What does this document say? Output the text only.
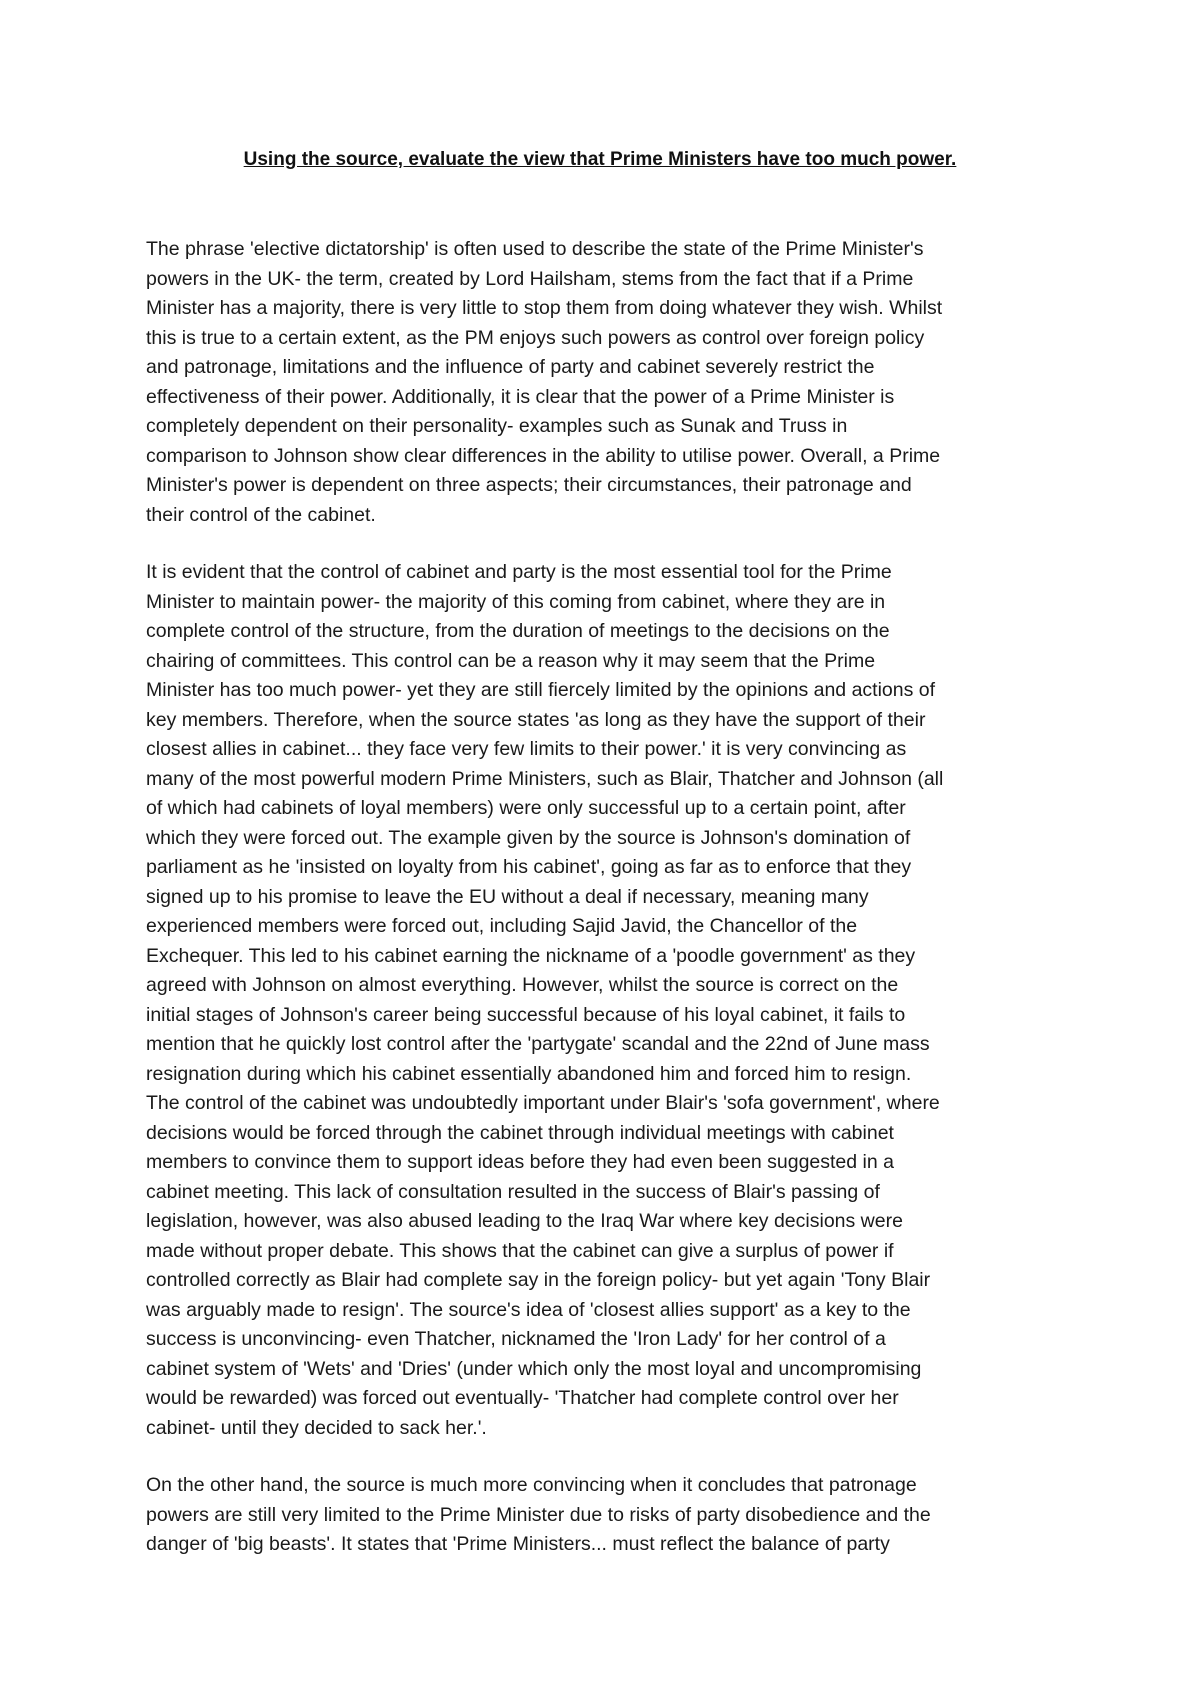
Using the source, evaluate the view that Prime Ministers have too much power.

The phrase 'elective dictatorship' is often used to describe the state of the Prime Minister's
powers in the UK- the term, created by Lord Hailsham, stems from the fact that if a Prime
Minister has a majority, there is very little to stop them from doing whatever they wish. Whilst
this is true to a certain extent, as the PM enjoys such powers as control over foreign policy
and patronage, limitations and the influence of party and cabinet severely restrict the
effectiveness of their power. Additionally, it is clear that the power of a Prime Minister is
completely dependent on their personality- examples such as Sunak and Truss in
comparison to Johnson show clear differences in the ability to utilise power. Overall, a Prime
Minister's power is dependent on three aspects; their circumstances, their patronage and
their control of the cabinet.

It is evident that the control of cabinet and party is the most essential tool for the Prime
Minister to maintain power- the majority of this coming from cabinet, where they are in
complete control of the structure, from the duration of meetings to the decisions on the
chairing of committees. This control can be a reason why it may seem that the Prime
Minister has too much power- yet they are still fiercely limited by the opinions and actions of
key members. Therefore, when the source states 'as long as they have the support of their
closest allies in cabinet... they face very few limits to their power.' it is very convincing as
many of the most powerful modern Prime Ministers, such as Blair, Thatcher and Johnson (all
of which had cabinets of loyal members) were only successful up to a certain point, after
which they were forced out. The example given by the source is Johnson's domination of
parliament as he 'insisted on loyalty from his cabinet', going as far as to enforce that they
signed up to his promise to leave the EU without a deal if necessary, meaning many
experienced members were forced out, including Sajid Javid, the Chancellor of the
Exchequer. This led to his cabinet earning the nickname of a 'poodle government' as they
agreed with Johnson on almost everything. However, whilst the source is correct on the
initial stages of Johnson's career being successful because of his loyal cabinet, it fails to
mention that he quickly lost control after the 'partygate' scandal and the 22nd of June mass
resignation during which his cabinet essentially abandoned him and forced him to resign.
The control of the cabinet was undoubtedly important under Blair's 'sofa government', where
decisions would be forced through the cabinet through individual meetings with cabinet
members to convince them to support ideas before they had even been suggested in a
cabinet meeting. This lack of consultation resulted in the success of Blair's passing of
legislation, however, was also abused leading to the Iraq War where key decisions were
made without proper debate. This shows that the cabinet can give a surplus of power if
controlled correctly as Blair had complete say in the foreign policy- but yet again 'Tony Blair
was arguably made to resign'. The source's idea of 'closest allies support' as a key to the
success is unconvincing- even Thatcher, nicknamed the 'Iron Lady' for her control of a
cabinet system of 'Wets' and 'Dries' (under which only the most loyal and uncompromising
would be rewarded) was forced out eventually- 'Thatcher had complete control over her
cabinet- until they decided to sack her.'.

On the other hand, the source is much more convincing when it concludes that patronage
powers are still very limited to the Prime Minister due to risks of party disobedience and the
danger of 'big beasts'. It states that 'Prime Ministers... must reflect the balance of party
